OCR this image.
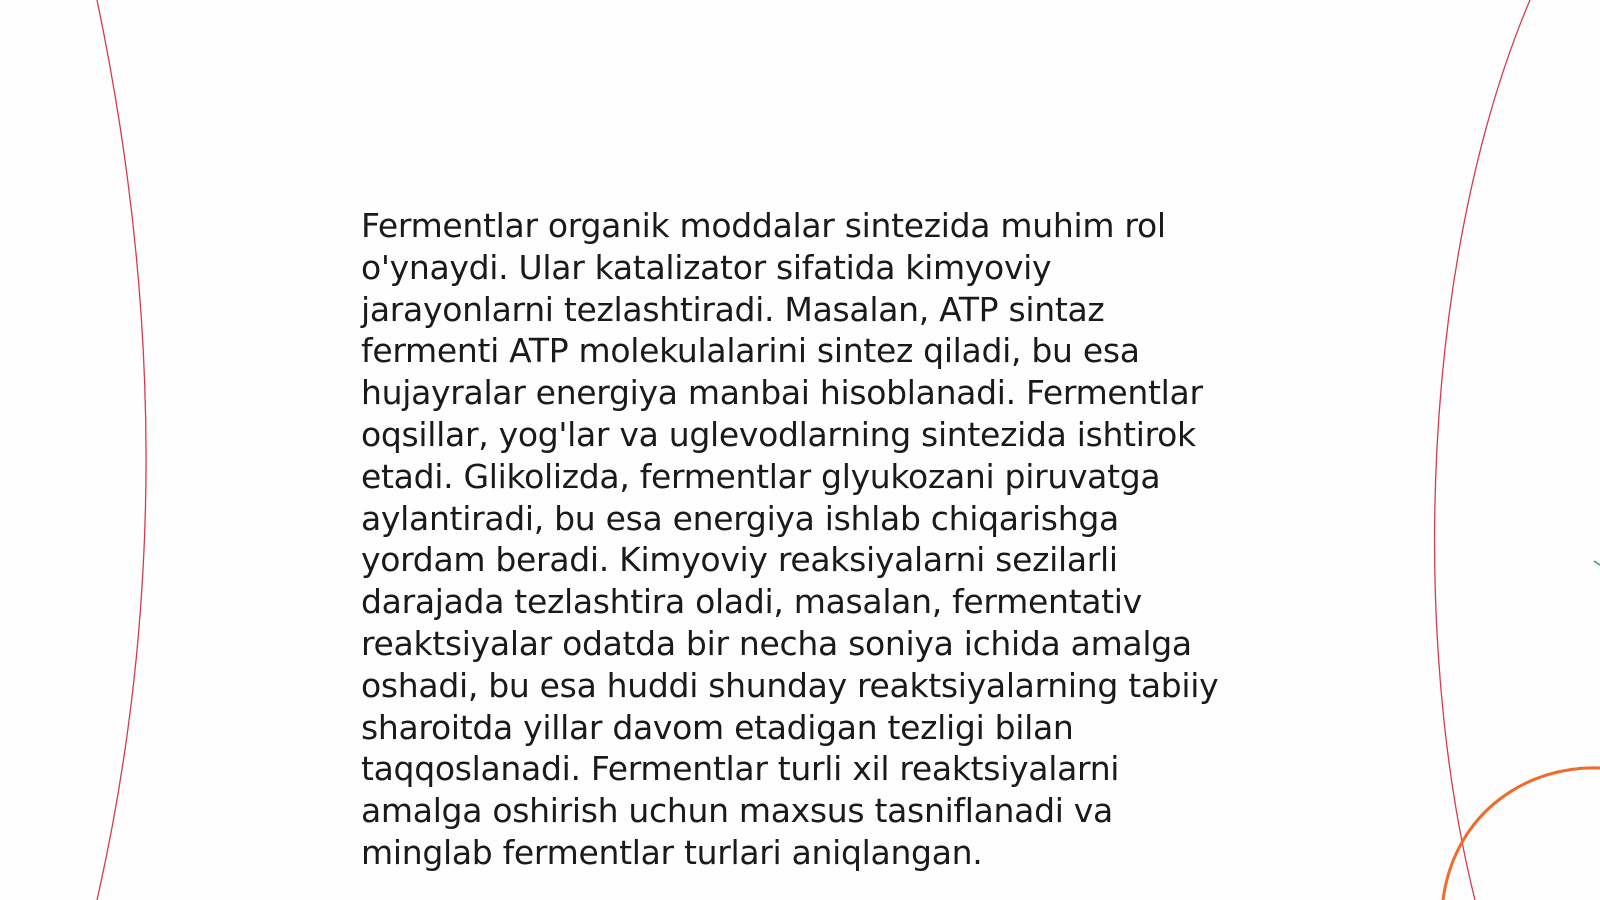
Fermentlar organik moddalar sintezida muhim rol
o'ynaydi. Ular katalizator sifatida kimyoviy
jarayonlarni tezlashtiradi. Masalan, ATP sintaz
fermenti ATP molekulalarini sintez qiladi, bu esa
hujayralar energiya manbai hisoblanadi. Fermentlar
oqsillar, yog'lar va uglevodlarning sintezida ishtirok
etadi. Glikolizda, fermentlar glyukozani piruvatga
aylantiradi, bu esa energiya ishlab chiqarishga
yordam beradi. Kimyoviy reaksiyalarni sezilarli
darajada tezlashtira oladi, masalan, fermentativ
reaktsiyalar odatda bir necha soniya ichida amalga
oshadi, bu esa huddi shunday reaktsiyalarning tabiiy
sharoitda yillar davom etadigan tezligi bilan
taqqoslanadi. Fermentlar turli xil reaktsiyalarni
amalga oshirish uchun maxsus tasniflanadi va
minglab fermentlar turlari aniqlangan.
